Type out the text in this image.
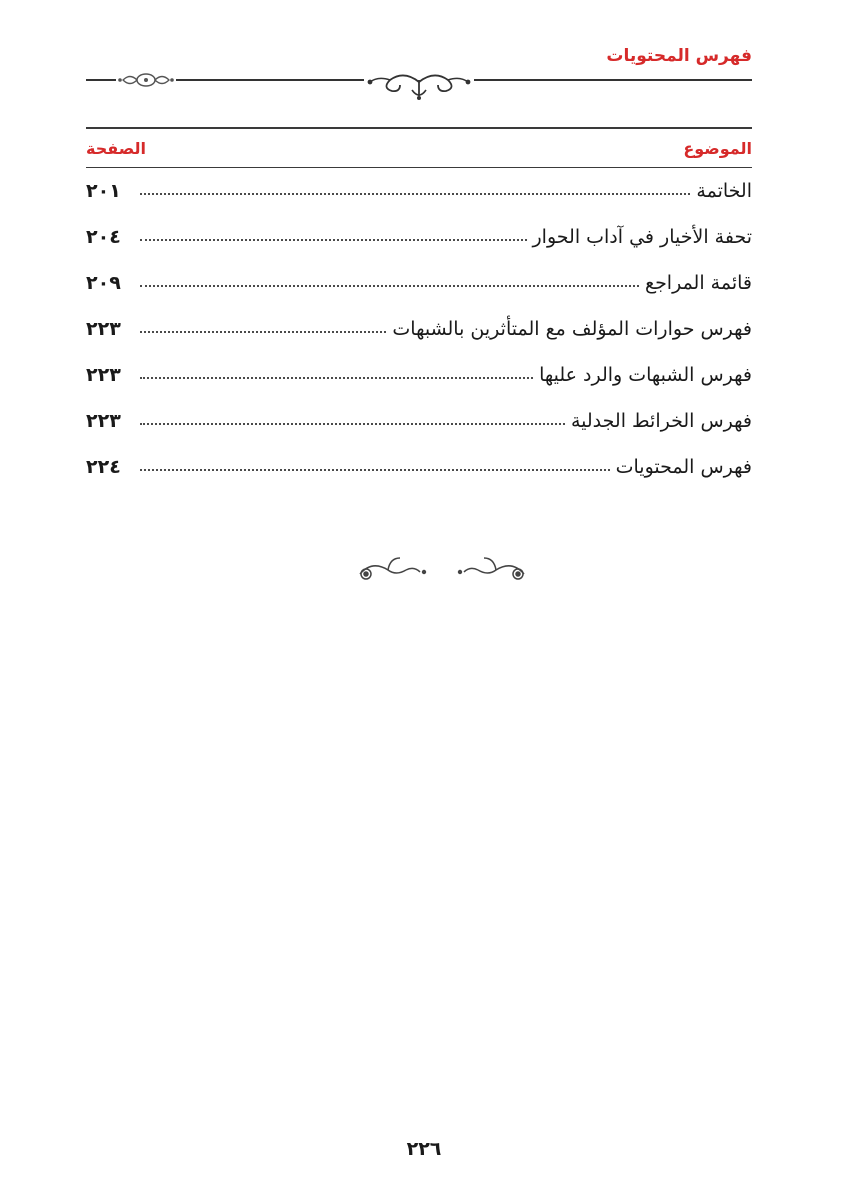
فهرس المحتويات
الموضوع
الصفحة
الخاتمة
٢٠١
تحفة الأخيار في آداب الحوار
٢٠٤
قائمة المراجع
٢٠٩
فهرس حوارات المؤلف مع المتأثرين بالشبهات
٢٢٣
فهرس الشبهات والرد عليها
٢٢٣
فهرس الخرائط الجدلية
٢٢٣
فهرس المحتويات
٢٢٤
٢٢٦
